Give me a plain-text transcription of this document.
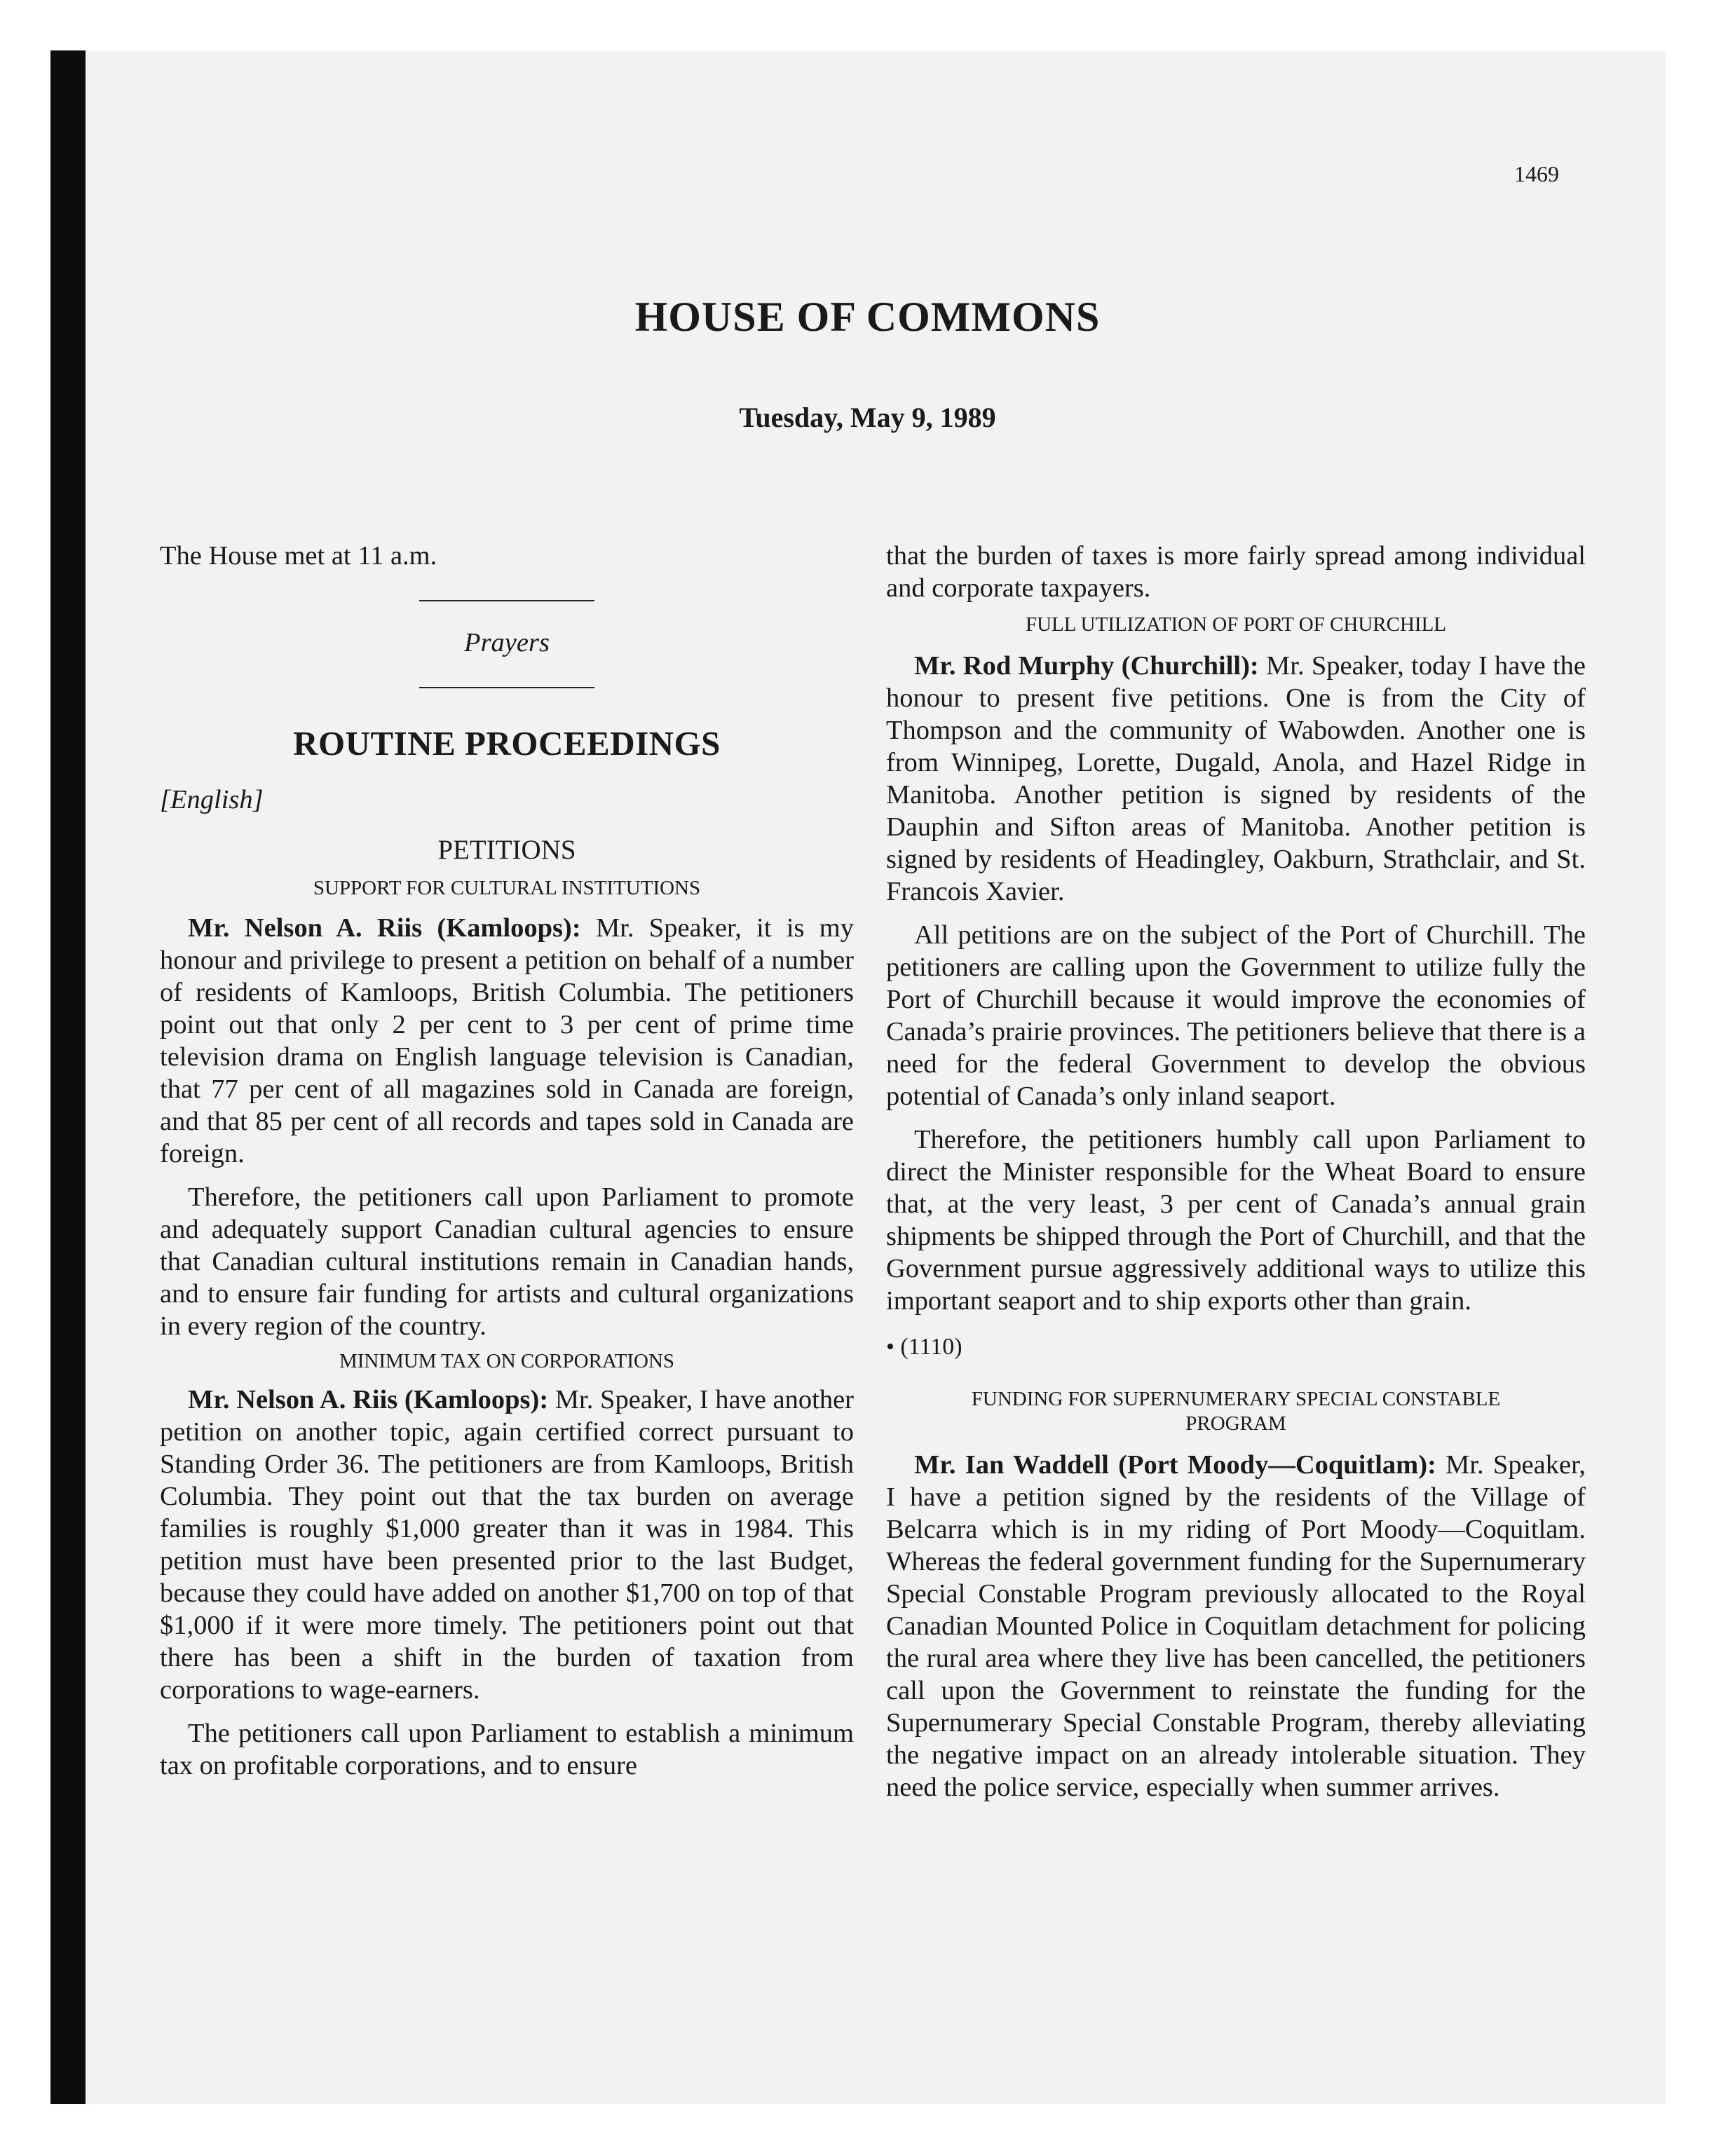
1469
HOUSE OF COMMONS
Tuesday, May 9, 1989

The House met at 11 a.m.

Prayers
ROUTINE PROCEEDINGS
[English]
PETITIONS
SUPPORT FOR CULTURAL INSTITUTIONS

Mr. Nelson A. Riis (Kamloops): Mr. Speaker, it is my honour and privilege to present a petition on behalf of a number of residents of Kamloops, British Columbia. The petitioners point out that only 2 per cent to 3 per cent of prime time television drama on English language television is Canadian, that 77 per cent of all magazines sold in Canada are foreign, and that 85 per cent of all records and tapes sold in Canada are foreign.

Therefore, the petitioners call upon Parliament to promote and adequately support Canadian cultural agencies to ensure that Canadian cultural institutions remain in Canadian hands, and to ensure fair funding for artists and cultural organizations in every region of the country.

MINIMUM TAX ON CORPORATIONS

Mr. Nelson A. Riis (Kamloops): Mr. Speaker, I have another petition on another topic, again certified correct pursuant to Standing Order 36. The petitioners are from Kamloops, British Columbia. They point out that the tax burden on average families is roughly $1,000 greater than it was in 1984. This petition must have been presented prior to the last Budget, because they could have added on another $1,700 on top of that $1,000 if it were more timely. The petitioners point out that there has been a shift in the burden of taxation from corporations to wage-earners.

The petitioners call upon Parliament to establish a minimum tax on profitable corporations, and to ensure

that the burden of taxes is more fairly spread among individual and corporate taxpayers.

FULL UTILIZATION OF PORT OF CHURCHILL

Mr. Rod Murphy (Churchill): Mr. Speaker, today I have the honour to present five petitions. One is from the City of Thompson and the community of Wabowden. Another one is from Winnipeg, Lorette, Dugald, Anola, and Hazel Ridge in Manitoba. Another petition is signed by residents of the Dauphin and Sifton areas of Manitoba. Another petition is signed by residents of Headingley, Oakburn, Strathclair, and St. Francois Xavier.

All petitions are on the subject of the Port of Churchill. The petitioners are calling upon the Government to utilize fully the Port of Churchill because it would improve the economies of Canada’s prairie provinces. The petitioners believe that there is a need for the federal Government to develop the obvious potential of Canada’s only inland seaport.

Therefore, the petitioners humbly call upon Parliament to direct the Minister responsible for the Wheat Board to ensure that, at the very least, 3 per cent of Canada’s annual grain shipments be shipped through the Port of Churchill, and that the Government pursue aggressively additional ways to utilize this important seaport and to ship exports other than grain.

• (1110)
FUNDING FOR SUPERNUMERARY SPECIAL CONSTABLE PROGRAM

Mr. Ian Waddell (Port Moody—Coquitlam): Mr. Speaker, I have a petition signed by the residents of the Village of Belcarra which is in my riding of Port Moody—Coquitlam. Whereas the federal government funding for the Supernumerary Special Constable Program previously allocated to the Royal Canadian Mounted Police in Coquitlam detachment for policing the rural area where they live has been cancelled, the petitioners call upon the Government to reinstate the funding for the Supernumerary Special Constable Program, thereby alleviating the negative impact on an already intolerable situation. They need the police service, especially when summer arrives.
